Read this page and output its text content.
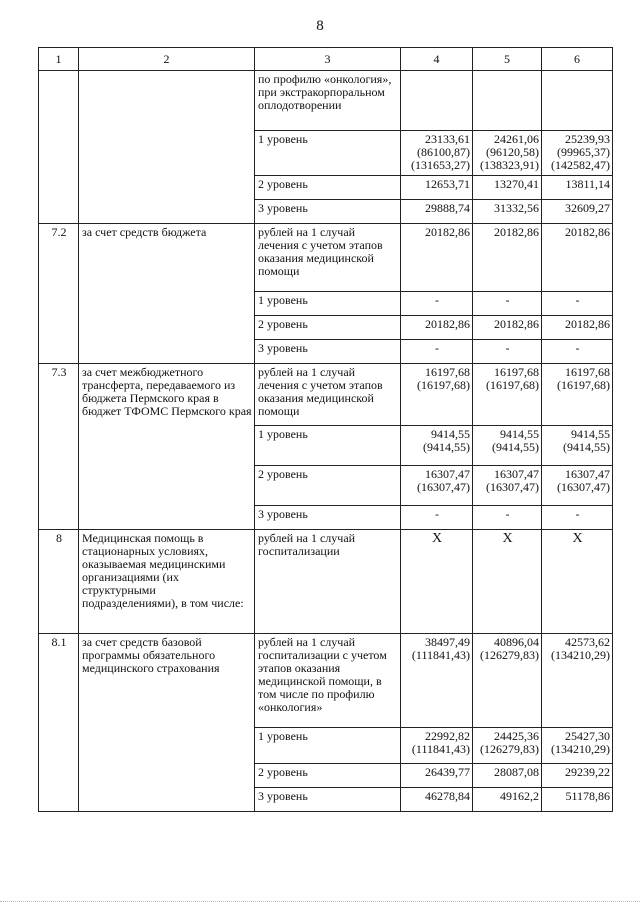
8
1	2	3	4	5	6
		по профилю «онкология», при экстракорпоральном оплодотворении	

		1 уровень	23133,61
(86100,87)
(131653,27)	24261,06
(96120,58)
(138323,91)	25239,93
(99965,37)
(142582,47)

		2 уровень	12653,71	13270,41	13811,14

		3 уровень	29888,74	31332,56	32609,27

7.2	за счет средств бюджета	рублей на 1 случай лечения с учетом этапов оказания медицинской помощи	20182,86	20182,86	20182,86

		1 уровень	-	-	-

		2 уровень	20182,86	20182,86	20182,86

		3 уровень	-	-	-

7.3	за счет межбюджетного трансферта, передаваемого из бюджета Пермского края в бюджет ТФОМС Пермского края	рублей на 1 случай лечения с учетом этапов оказания медицинской помощи	16197,68
(16197,68)	16197,68
(16197,68)	16197,68
(16197,68)

		1 уровень	9414,55
(9414,55)	9414,55
(9414,55)	9414,55
(9414,55)

		2 уровень	16307,47
(16307,47)	16307,47
(16307,47)	16307,47
(16307,47)

		3 уровень	-	-	-

8	Медицинская помощь в стационарных условиях, оказываемая медицинскими организациями (их структурными подразделениями), в том числе:	рублей на 1 случай госпитализации	X	X	X

8.1	за счет средств базовой программы обязательного медицинского страхования	рублей на 1 случай госпитализации с учетом этапов оказания медицинской помощи, в том числе по профилю «онкология»	38497,49
(111841,43)	40896,04
(126279,83)	42573,62
(134210,29)

		1 уровень	22992,82
(111841,43)	24425,36
(126279,83)	25427,30
(134210,29)

		2 уровень	26439,77	28087,08	29239,22

		3 уровень	46278,84	49162,2	51178,86
